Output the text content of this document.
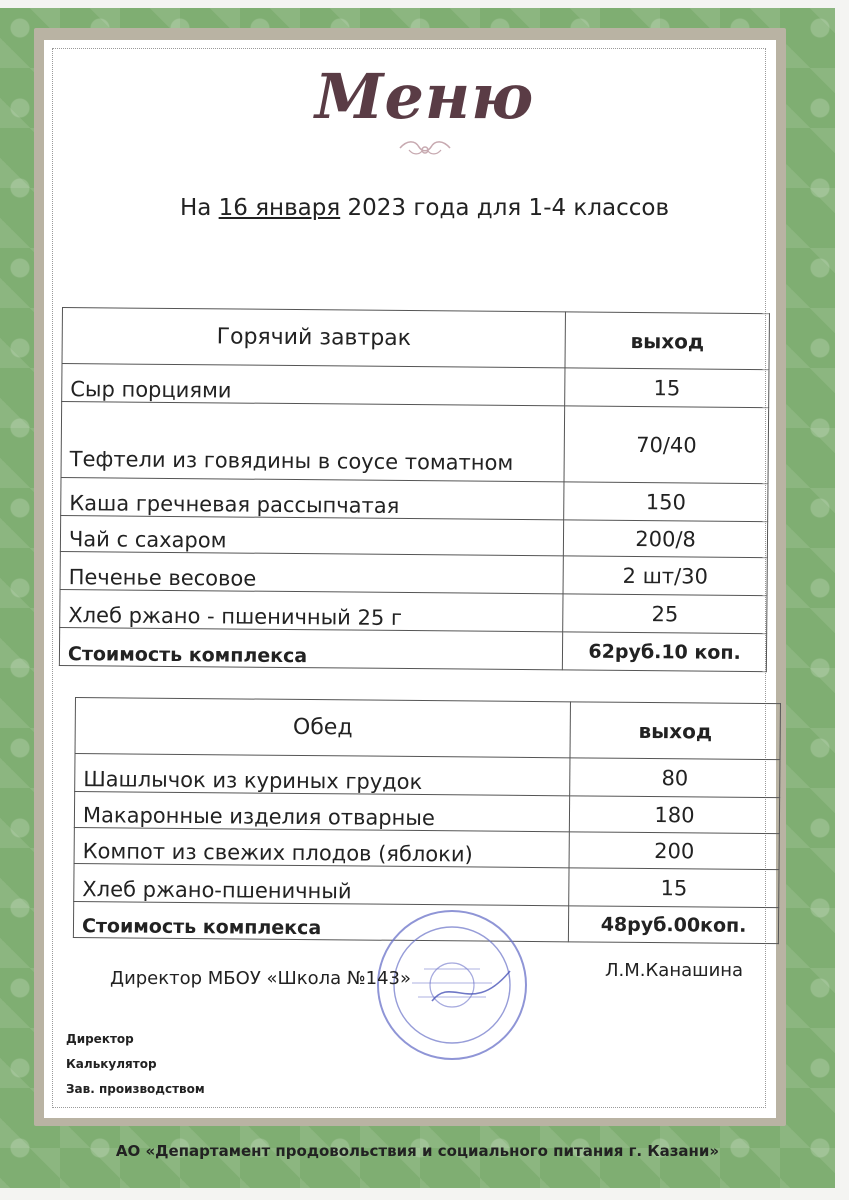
Меню
На 16 января 2023 года для 1-4 классов
Горячий завтрак	выход
Сыр порциями	15
Тефтели из говядины в соусе томатном	70/40
Каша гречневая рассыпчатая	150
Чай с сахаром	200/8
Печенье весовое	2 шт/30
Хлеб ржано - пшеничный 25 г	25
Стоимость комплекса	62руб.10 коп.
Обед	выход
Шашлычок из куриных грудок	80
Макаронные изделия отварные	180
Компот из свежих плодов (яблоки)	200
Хлеб ржано-пшеничный	15
Стоимость комплекса	48руб.00коп.
Директор МБОУ «Школа №143»	Л.М.Канашина
Директор
Калькулятор
Зав. производством
АО «Департамент продовольствия и социального питания г. Казани»
